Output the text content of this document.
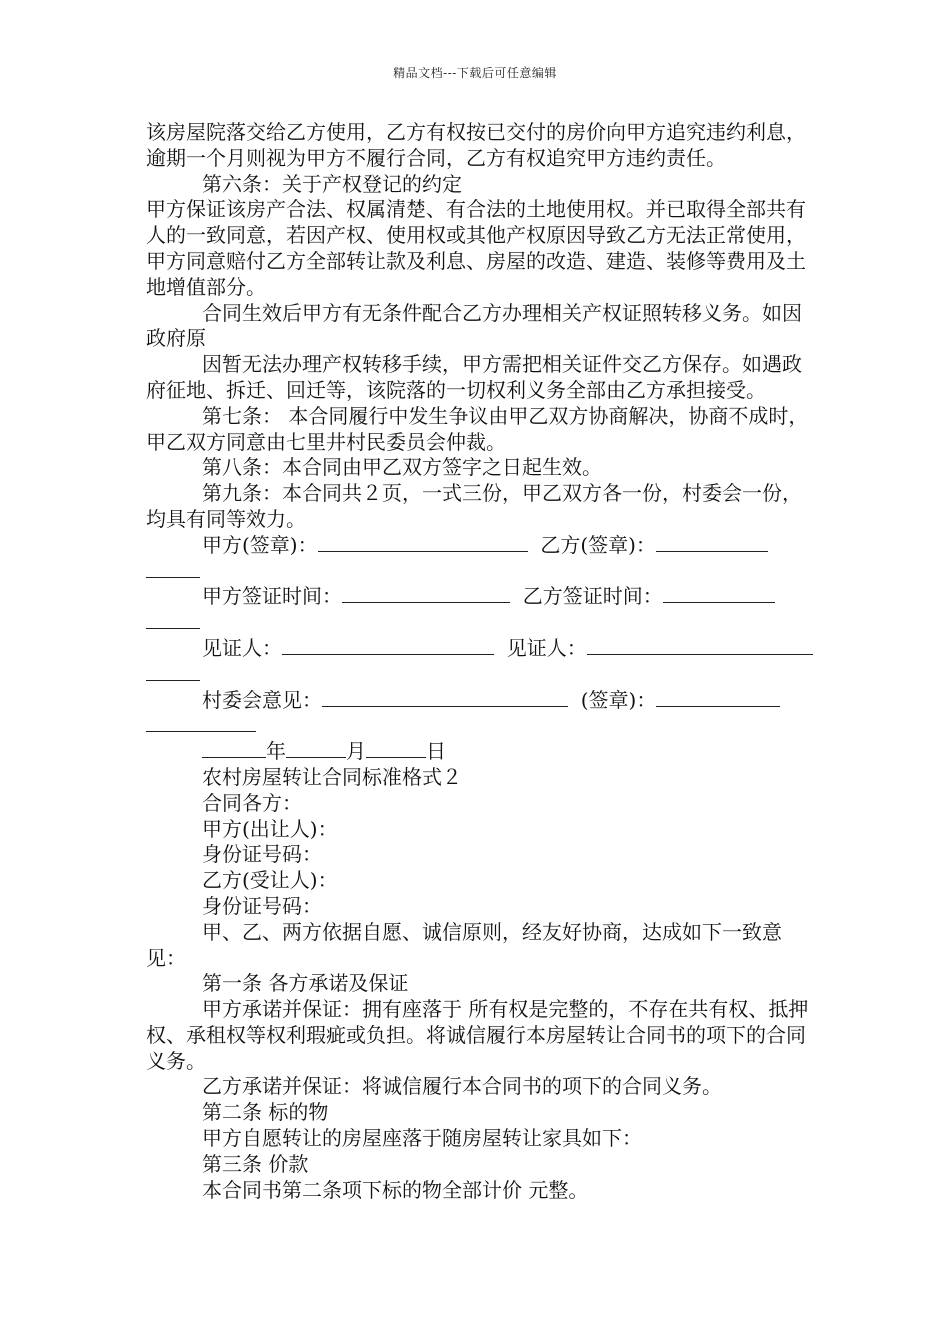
精品文档---下载后可任意编辑

该房屋院落交给乙方使用，乙方有权按已交付的房价向甲方追究违约利息，逾期一个月则视为甲方不履行合同，乙方有权追究甲方违约责任。

第六条：关于产权登记的约定

甲方保证该房产合法、权属清楚、有合法的土地使用权。并已取得全部共有人的一致同意，若因产权、使用权或其他产权原因导致乙方无法正常使用，甲方同意赔付乙方全部转让款及利息、房屋的改造、建造、装修等费用及土地增值部分。

合同生效后甲方有无条件配合乙方办理相关产权证照转移义务。如因政府原

因暂无法办理产权转移手续，甲方需把相关证件交乙方保存。如遇政府征地、拆迁、回迁等，该院落的一切权利义务全部由乙方承担接受。

第七条： 本合同履行中发生争议由甲乙双方协商解决，协商不成时，甲乙双方同意由七里井村民委员会仲裁。

第八条：本合同由甲乙双方签字之日起生效。

第九条：本合同共２页，一式三份，甲乙双方各一份，村委会一份，均具有同等效力。

甲方(签章)：	乙方(签章)：
甲方签证时间：	乙方签证时间：
见证人：	见证人：
村委会意见：	(签章)：
年	月	日

农村房屋转让合同标准格式２

合同各方：

甲方(出让人)：

身份证号码：

乙方(受让人)：

身份证号码：

甲、乙、两方依据自愿、诚信原则，经友好协商，达成如下一致意见：

第一条 各方承诺及保证

甲方承诺并保证：拥有座落于 所有权是完整的，不存在共有权、抵押权、承租权等权利瑕疵或负担。将诚信履行本房屋转让合同书的项下的合同义务。

乙方承诺并保证：将诚信履行本合同书的项下的合同义务。

第二条 标的物

甲方自愿转让的房屋座落于随房屋转让家具如下：

第三条 价款

本合同书第二条项下标的物全部计价 元整。
